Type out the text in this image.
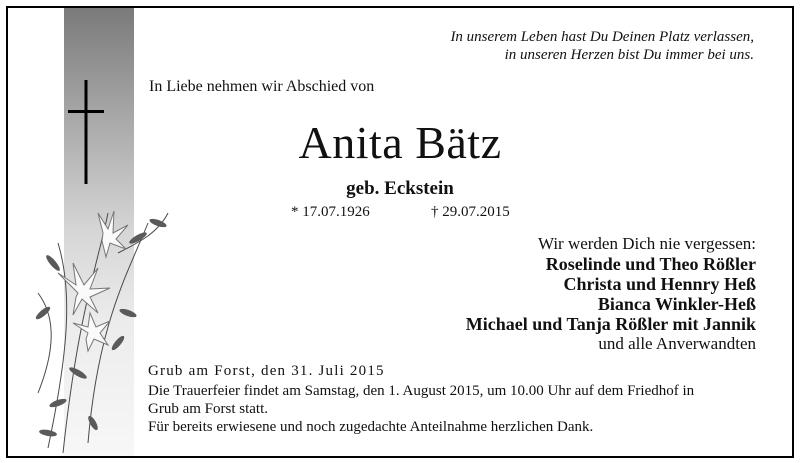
In unserem Leben hast Du Deinen Platz verlassen,
in unseren Herzen bist Du immer bei uns.
In Liebe nehmen wir Abschied von
Anita Bätz
geb. Eckstein
* 17.07.1926	† 29.07.2015
Wir werden Dich nie vergessen:
Roselinde und Theo Rößler
Christa und Hennry Heß
Bianca Winkler-Heß
Michael und Tanja Rößler mit Jannik
und alle Anverwandten
Grub am Forst, den 31. Juli 2015
Die Trauerfeier findet am Samstag, den 1. August 2015, um 10.00 Uhr auf dem Friedhof in
Grub am Forst statt.
Für bereits erwiesene und noch zugedachte Anteilnahme herzlichen Dank.
